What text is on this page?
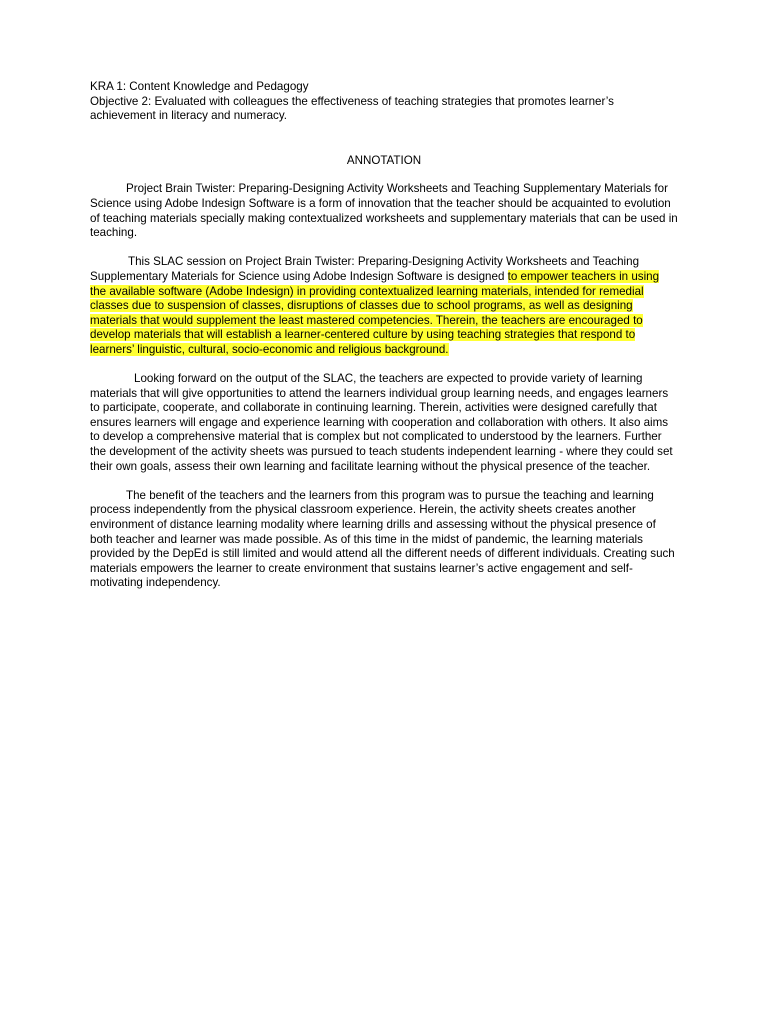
KRA 1: Content Knowledge and Pedagogy

Objective 2: Evaluated with colleagues the effectiveness of teaching strategies that promotes learner’s achievement in literacy and numeracy.

ANNOTATION

Project Brain Twister: Preparing-Designing Activity Worksheets and Teaching Supplementary Materials for Science using Adobe Indesign Software is a form of innovation that the teacher should be acquainted to evolution of teaching materials specially making contextualized worksheets and supplementary materials that can be used in teaching.

This SLAC session on Project Brain Twister: Preparing-Designing Activity Worksheets and Teaching Supplementary Materials for Science using Adobe Indesign Software is designed to empower teachers in using the available software (Adobe Indesign) in providing contextualized learning materials, intended for remedial classes due to suspension of classes, disruptions of classes due to school programs, as well as designing materials that would supplement the least mastered competencies. Therein, the teachers are encouraged to develop materials that will establish a learner-centered culture by using teaching strategies that respond to learners’ linguistic, cultural, socio-economic and religious background.

Looking forward on the output of the SLAC, the teachers are expected to provide variety of learning materials that will give opportunities to attend the learners individual group learning needs, and engages learners to participate, cooperate, and collaborate in continuing learning. Therein, activities were designed carefully that ensures learners will engage and experience learning with cooperation and collaboration with others. It also aims to develop a comprehensive material that is complex but not complicated to understood by the learners. Further the development of the activity sheets was pursued to teach students independent learning - where they could set their own goals, assess their own learning and facilitate learning without the physical presence of the teacher.

The benefit of the teachers and the learners from this program was to pursue the teaching and learning process independently from the physical classroom experience. Herein, the activity sheets creates another environment of distance learning modality where learning drills and assessing without the physical presence of both teacher and learner was made possible. As of this time in the midst of pandemic, the learning materials provided by the DepEd is still limited and would attend all the different needs of different individuals. Creating such materials empowers the learner to create environment that sustains learner’s active engagement and self-motivating independency.
